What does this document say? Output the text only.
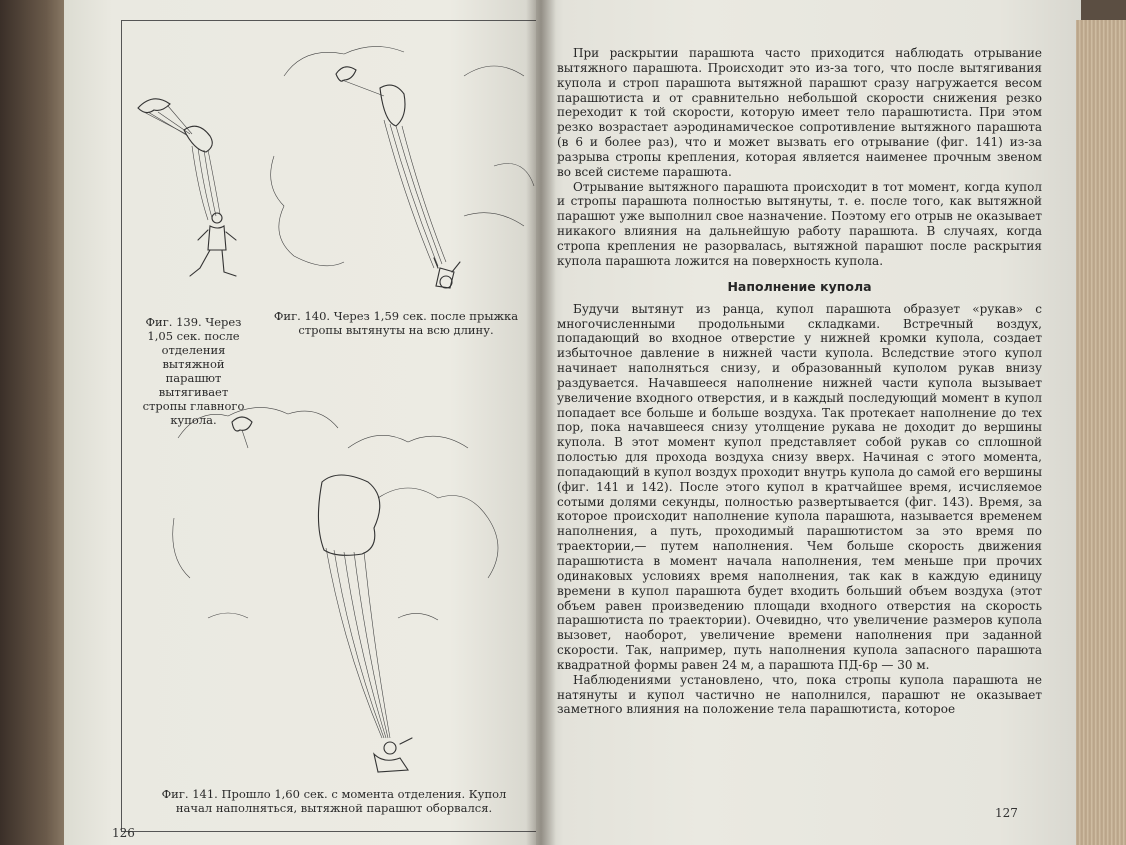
Фиг. 139. Через 1,05 сек. после отделения вытяжной парашют вытягивает стропы главного купола.
Фиг. 140. Через 1,59 сек. после прыжка стропы вытянуты на всю длину.
Фиг. 141. Прошло 1,60 сек. с момента отделения. Купол начал наполняться, вытяжной парашют оборвался.
126

При раскрытии парашюта часто приходится наблюдать отрывание вытяжного парашюта. Происходит это из-за того, что после вытягивания купола и строп парашюта вытяжной парашют сразу нагружается весом парашютиста и от сравнительно небольшой скорости снижения резко переходит к той скорости, которую имеет тело парашютиста. При этом резко возрастает аэродинамическое сопротивление вытяжного парашюта (в 6 и более раз), что и может вызвать его отрывание (фиг. 141) из-за разрыва стропы крепления, которая является наименее прочным звеном во всей системе парашюта.

Отрывание вытяжного парашюта происходит в тот момент, когда купол и стропы парашюта полностью вытянуты, т. е. после того, как вытяжной парашют уже выполнил свое назначение. Поэтому его отрыв не оказывает никакого влияния на дальнейшую работу парашюта. В случаях, когда стропа крепления не разорвалась, вытяжной парашют после раскрытия купола парашюта ложится на поверхность купола.

Наполнение купола

Будучи вытянут из ранца, купол парашюта образует «рукав» с многочисленными продольными складками. Встречный воздух, попадающий во входное отверстие у нижней кромки купола, создает избыточное давление в нижней части купола. Вследствие этого купол начинает наполняться снизу, и образованный куполом рукав внизу раздувается. Начавшееся наполнение нижней части купола вызывает увеличение входного отверстия, и в каждый последующий момент в купол попадает все больше и больше воздуха. Так протекает наполнение до тех пор, пока начавшееся снизу утолщение рукава не доходит до вершины купола. В этот момент купол представляет собой рукав со сплошной полостью для прохода воздуха снизу вверх. Начиная с этого момента, попадающий в купол воздух проходит внутрь купола до самой его вершины (фиг. 141 и 142). После этого купол в кратчайшее время, исчисляемое сотыми долями секунды, полностью развертывается (фиг. 143). Время, за которое происходит наполнение купола парашюта, называется временем наполнения, а путь, проходимый парашютистом за это время по траектории,— путем наполнения. Чем больше скорость движения парашютиста в момент начала наполнения, тем меньше при прочих одинаковых условиях время наполнения, так как в каждую единицу времени в купол парашюта будет входить больший объем воздуха (этот объем равен произведению площади входного отверстия на скорость парашютиста по траектории). Очевидно, что увеличение размеров купола вызовет, наоборот, увеличение времени наполнения при заданной скорости. Так, например, путь наполнения купола запасного парашюта квадратной формы равен 24 м, а парашюта ПД-6р — 30 м.

Наблюдениями установлено, что, пока стропы купола парашюта не натянуты и купол частично не наполнился, парашют не оказывает заметного влияния на положение тела парашютиста, которое

127
